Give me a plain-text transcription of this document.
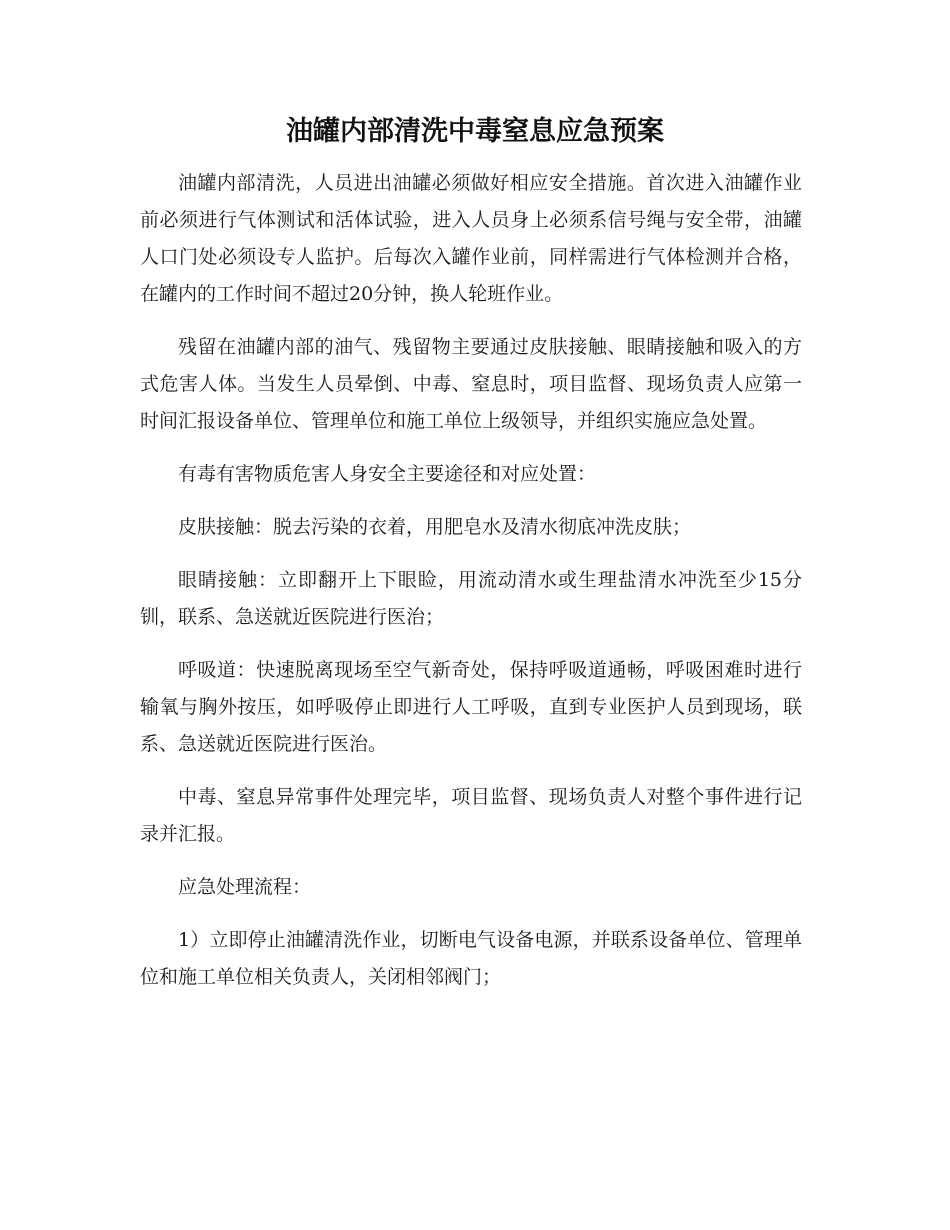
油罐内部清洗中毒窒息应急预案

油罐内部清洗，人员进出油罐必须做好相应安全措施。首次进入油罐作业前必须进行气体测试和活体试验，进入人员身上必须系信号绳与安全带，油罐人口门处必须设专人监护。后每次入罐作业前，同样需进行气体检测并合格，在罐内的工作时间不超过20分钟，换人轮班作业。

残留在油罐内部的油气、残留物主要通过皮肤接触、眼睛接触和吸入的方式危害人体。当发生人员晕倒、中毒、窒息时，项目监督、现场负责人应第一时间汇报设备单位、管理单位和施工单位上级领导，并组织实施应急处置。

有毒有害物质危害人身安全主要途径和对应处置：

皮肤接触：脱去污染的衣着，用肥皂水及清水彻底冲洗皮肤；

眼睛接触：立即翻开上下眼睑，用流动清水或生理盐清水冲洗至少15分钏，联系、急送就近医院进行医治；

呼吸道：快速脱离现场至空气新奇处，保持呼吸道通畅，呼吸困难时进行输氧与胸外按压，如呼吸停止即进行人工呼吸，直到专业医护人员到现场，联系、急送就近医院进行医治。

中毒、窒息异常事件处理完毕，项目监督、现场负责人对整个事件进行记录并汇报。

应急处理流程：

1）立即停止油罐清洗作业，切断电气设备电源，并联系设备单位、管理单位和施工单位相关负责人，关闭相邻阀门；
